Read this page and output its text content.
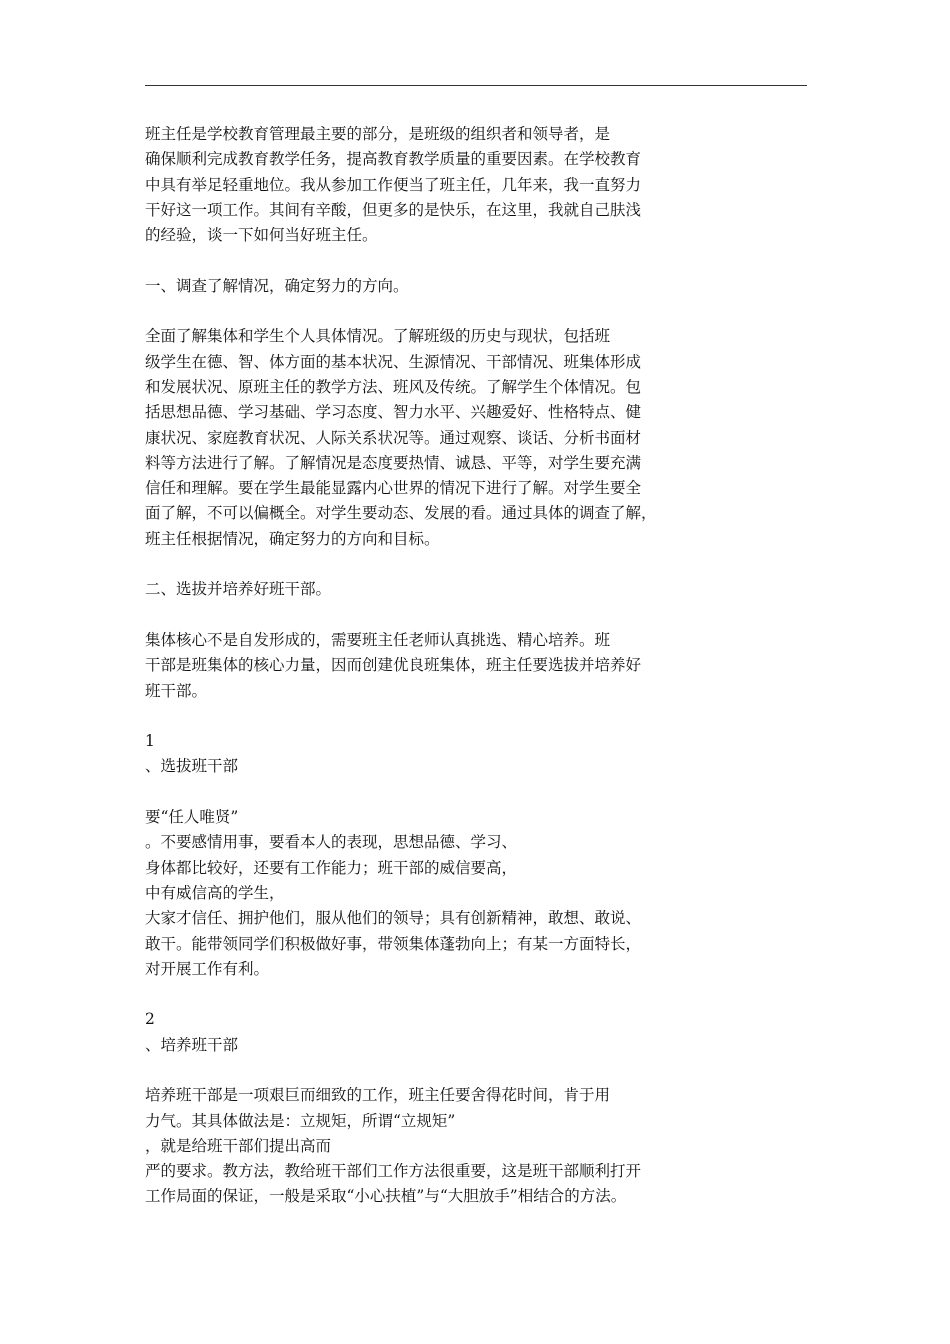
班主任是学校教育管理最主要的部分，是班级的组织者和领导者，是
确保顺利完成教育教学任务，提高教育教学质量的重要因素。在学校教育
中具有举足轻重地位。我从参加工作便当了班主任，几年来，我一直努力
干好这一项工作。其间有辛酸，但更多的是快乐，在这里，我就自己肤浅
的经验，谈一下如何当好班主任。
一、调查了解情况，确定努力的方向。
全面了解集体和学生个人具体情况。了解班级的历史与现状，包括班
级学生在德、智、体方面的基本状况、生源情况、干部情况、班集体形成
和发展状况、原班主任的教学方法、班风及传统。了解学生个体情况。包
括思想品德、学习基础、学习态度、智力水平、兴趣爱好、性格特点、健
康状况、家庭教育状况、人际关系状况等。通过观察、谈话、分析书面材
料等方法进行了解。了解情况是态度要热情、诚恳、平等，对学生要充满
信任和理解。要在学生最能显露内心世界的情况下进行了解。对学生要全
面了解，不可以偏概全。对学生要动态、发展的看。通过具体的调查了解，
班主任根据情况，确定努力的方向和目标。
二、选拔并培养好班干部。
集体核心不是自发形成的，需要班主任老师认真挑选、精心培养。班
干部是班集体的核心力量，因而创建优良班集体，班主任要选拔并培养好
班干部。
1
、选拔班干部
要“任人唯贤”
。不要感情用事，要看本人的表现，思想品德、学习、
身体都比较好，还要有工作能力；班干部的威信要高，
中有威信高的学生，
大家才信任、拥护他们，服从他们的领导；具有创新精神，敢想、敢说、
敢干。能带领同学们积极做好事，带领集体蓬勃向上；有某一方面特长，
对开展工作有利。
2
、培养班干部
培养班干部是一项艰巨而细致的工作，班主任要舍得花时间，肯于用
力气。其具体做法是：立规矩，所谓“立规矩”
，就是给班干部们提出高而
严的要求。教方法，教给班干部们工作方法很重要，这是班干部顺利打开
工作局面的保证，一般是采取“小心扶植”与“大胆放手”相结合的方法。
